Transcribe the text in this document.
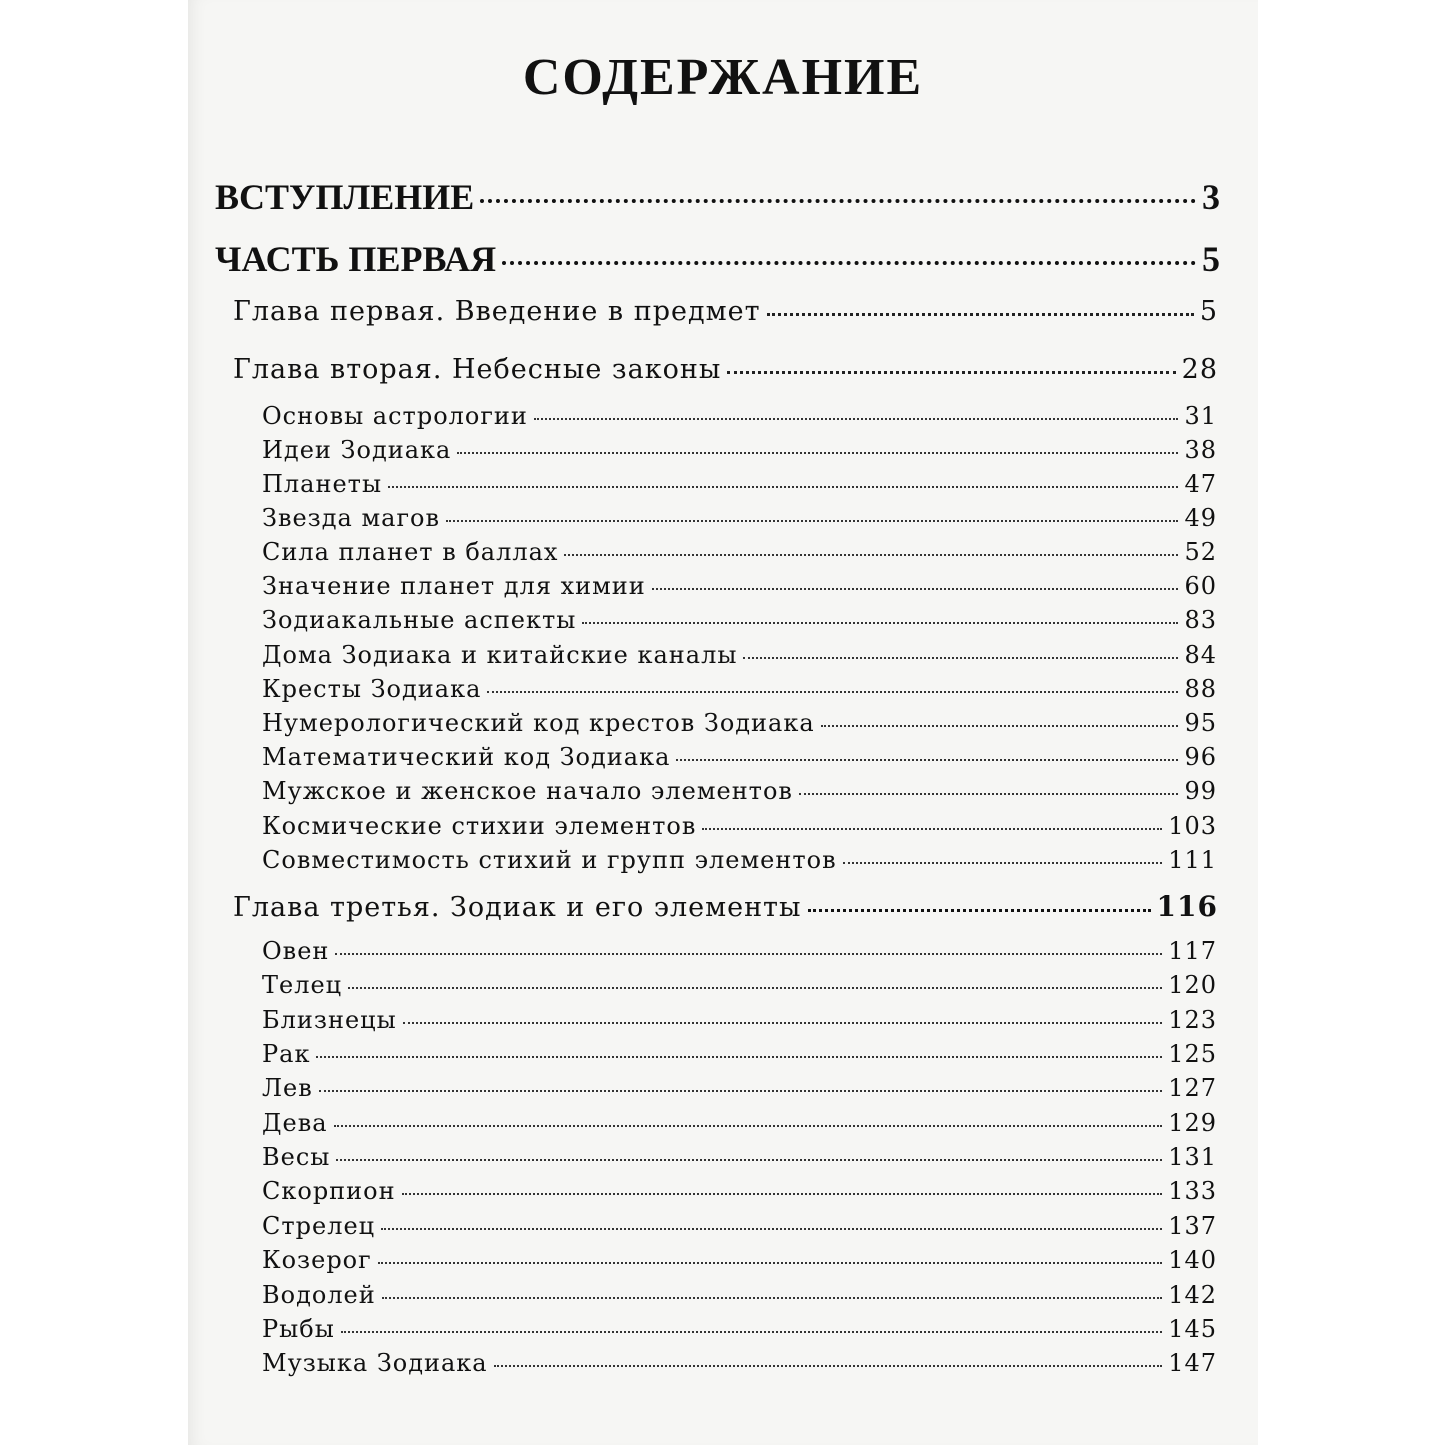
СОДЕРЖАНИЕ
ВСТУПЛЕНИЕ	3
ЧАСТЬ ПЕРВАЯ	5
Глава первая. Введение в предмет	5
Глава вторая. Небесные законы	28
Основы астрологии	31
Идеи Зодиака	38
Планеты	47
Звезда магов	49
Сила планет в баллах	52
Значение планет для химии	60
Зодиакальные аспекты	83
Дома Зодиака и китайские каналы	84
Кресты Зодиака	88
Нумерологический код крестов Зодиака	95
Математический код Зодиака	96
Мужское и женское начало элементов	99
Космические стихии элементов	103
Совместимость стихий и групп элементов	111
Глава третья. Зодиак и его элементы	116
Овен	117
Телец	120
Близнецы	123
Рак	125
Лев	127
Дева	129
Весы	131
Скорпион	133
Стрелец	137
Козерог	140
Водолей	142
Рыбы	145
Музыка Зодиака	147
